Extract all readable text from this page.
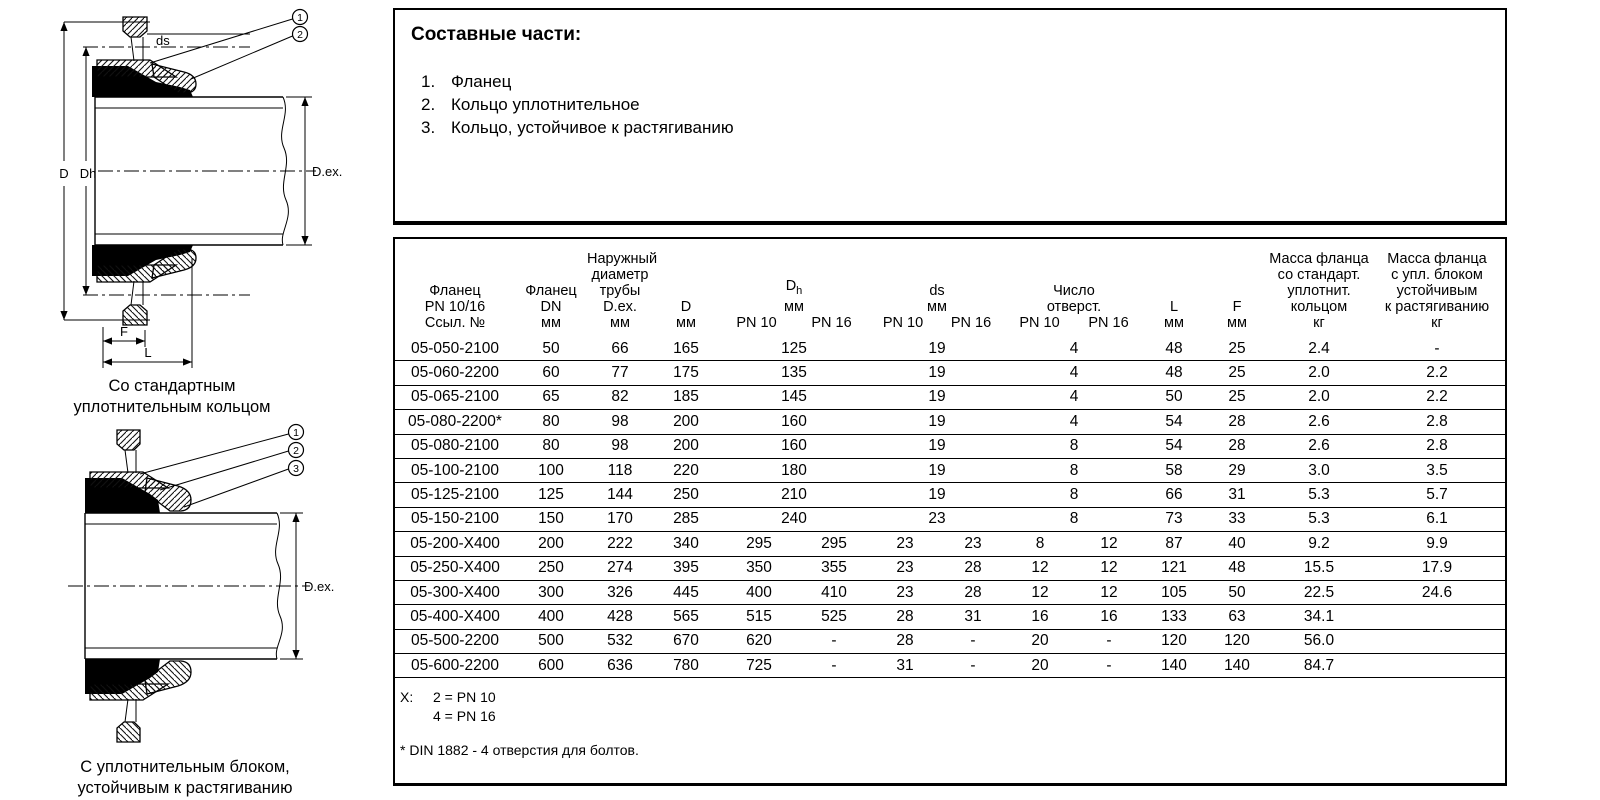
D Dh
ds
D.ex.
F
L
1
2
Со стандартным
уплотнительным кольцом
D.ex.
1
2
3
С уплотнительным блоком,
устойчивым к растягиванию
Составные части:
1. Фланец
2. Кольцо уплотнительное
3. Кольцо, устойчивое к растягиванию
Фланец
PN 10/16
Ссыл. №

Фланец
DN
мм

Наружный
диаметр
трубы
D.ex.
мм

D
мм

$D_h$
мм
PN 10	PN 16

ds
мм
PN 10	PN 16

Число
отверст.
PN 10	PN 16

L
мм

F
мм

Масса фланца
со стандарт.
уплотнит.
кольцом
кг

Масса фланца
с упл. блоком
устойчивым
к растягиванию
кг

05-050-2100	50	66	165	125		19		4		48	25	2.4	-
05-060-2200	60	77	175	135		19		4		48	25	2.0	2.2
05-065-2100	65	82	185	145		19		4		50	25	2.0	2.2
05-080-2200*	80	98	200	160		19		4		54	28	2.6	2.8
05-080-2100	80	98	200	160		19		8		54	28	2.6	2.8
05-100-2100	100	118	220	180		19		8		58	29	3.0	3.5
05-125-2100	125	144	250	210		19		8		66	31	5.3	5.7
05-150-2100	150	170	285	240		23		8		73	33	5.3	6.1
05-200-X400	200	222	340	295	295	23	23	8	12	87	40	9.2	9.9
05-250-X400	250	274	395	350	355	23	28	12	12	121	48	15.5	17.9
05-300-X400	300	326	445	400	410	23	28	12	12	105	50	22.5	24.6
05-400-X400	400	428	565	515	525	28	31	16	16	133	63	34.1	
05-500-2200	500	532	670	620	-	28	-	20	-	120	120	56.0	
05-600-2200	600	636	780	725	-	31	-	20	-	140	140	84.7	
X:	2 = PN 10
4 = PN 16
* DIN 1882 - 4 отверстия для болтов.
